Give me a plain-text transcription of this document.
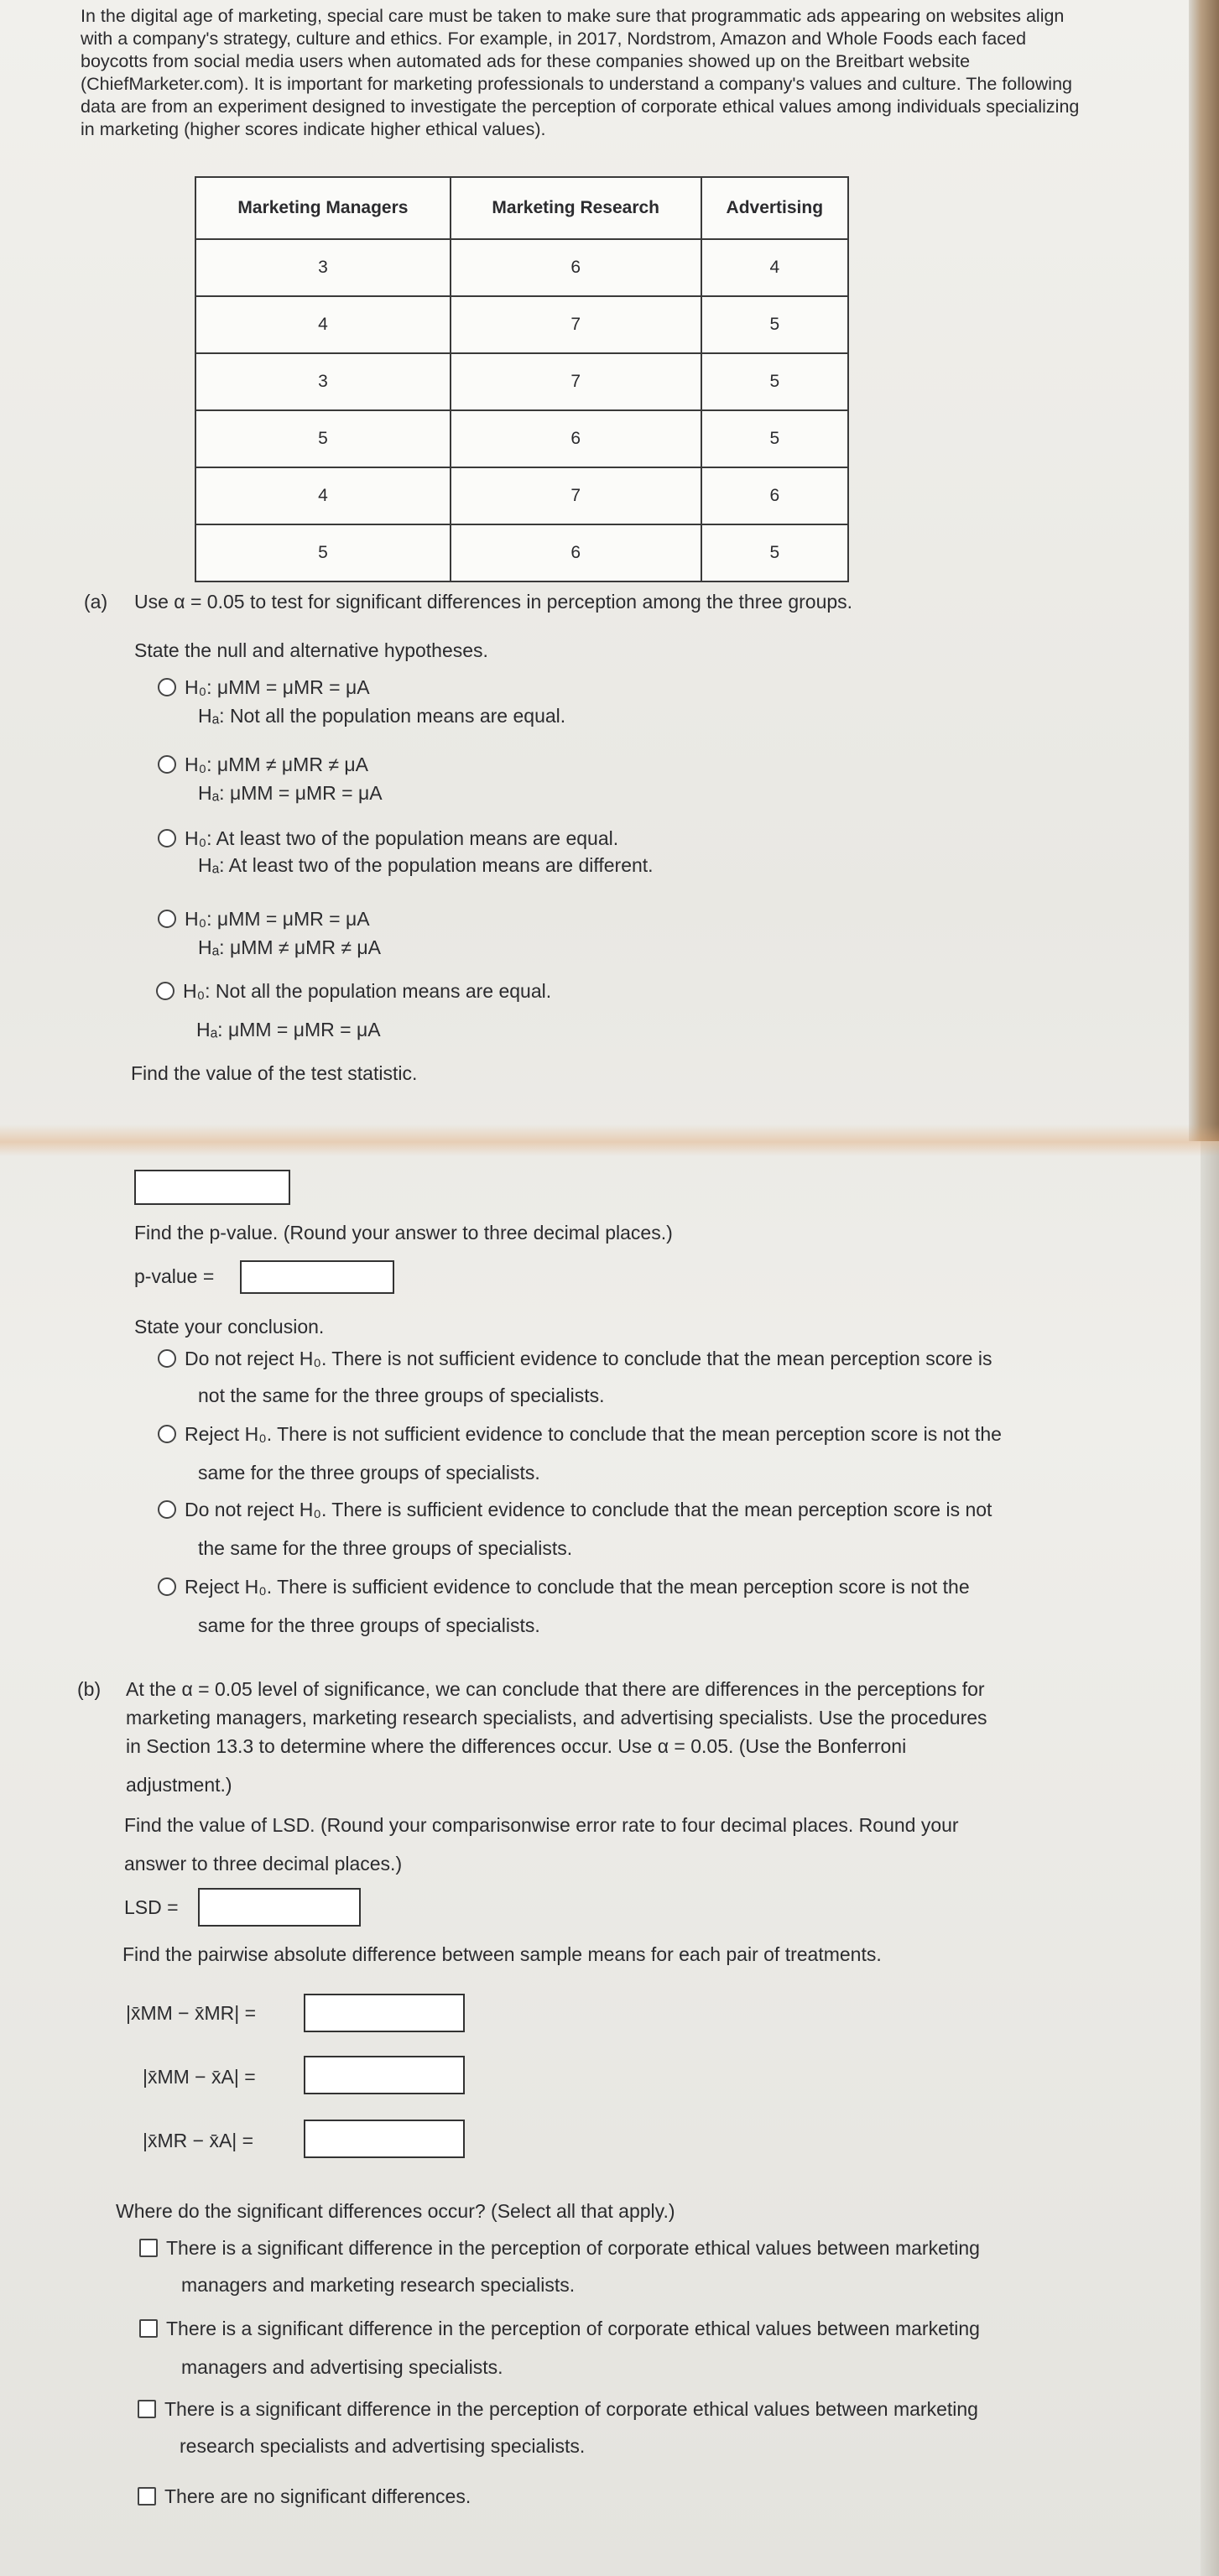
In the digital age of marketing, special care must be taken to make sure that programmatic ads appearing on websites align with a company's strategy, culture and ethics. For example, in 2017, Nordstrom, Amazon and Whole Foods each faced boycotts from social media users when automated ads for these companies showed up on the Breitbart website (ChiefMarketer.com). It is important for marketing professionals to understand a company's values and culture. The following data are from an experiment designed to investigate the perception of corporate ethical values among individuals specializing in marketing (higher scores indicate higher ethical values).
Marketing Managers	Marketing Research	Advertising
3	6	4
4	7	5
3	7	5
5	6	5
4	7	6
5	6	5
(a) Use α = 0.05 to test for significant differences in perception among the three groups.
State the null and alternative hypotheses.
H₀: μMM = μMR = μA
Hₐ: Not all the population means are equal.
H₀: μMM ≠ μMR ≠ μA
Hₐ: μMM = μMR = μA
H₀: At least two of the population means are equal.
Hₐ: At least two of the population means are different.
H₀: μMM = μMR = μA
Hₐ: μMM ≠ μMR ≠ μA
H₀: Not all the population means are equal.
Hₐ: μMM = μMR = μA
Find the value of the test statistic.
Find the p-value. (Round your answer to three decimal places.)
p-value =
State your conclusion.
Do not reject H₀. There is not sufficient evidence to conclude that the mean perception score is
not the same for the three groups of specialists.
Reject H₀. There is not sufficient evidence to conclude that the mean perception score is not the
same for the three groups of specialists.
Do not reject H₀. There is sufficient evidence to conclude that the mean perception score is not
the same for the three groups of specialists.
Reject H₀. There is sufficient evidence to conclude that the mean perception score is not the
same for the three groups of specialists.
(b) At the α = 0.05 level of significance, we can conclude that there are differences in the perceptions for
marketing managers, marketing research specialists, and advertising specialists. Use the procedures
in Section 13.3 to determine where the differences occur. Use α = 0.05. (Use the Bonferroni
adjustment.)
Find the value of LSD. (Round your comparisonwise error rate to four decimal places. Round your
answer to three decimal places.)
LSD =
Find the pairwise absolute difference between sample means for each pair of treatments.
|x̄MM − x̄MR| =
|x̄MM − x̄A| =
|x̄MR − x̄A| =
Where do the significant differences occur? (Select all that apply.)
There is a significant difference in the perception of corporate ethical values between marketing
managers and marketing research specialists.
There is a significant difference in the perception of corporate ethical values between marketing
managers and advertising specialists.
There is a significant difference in the perception of corporate ethical values between marketing
research specialists and advertising specialists.
There are no significant differences.
